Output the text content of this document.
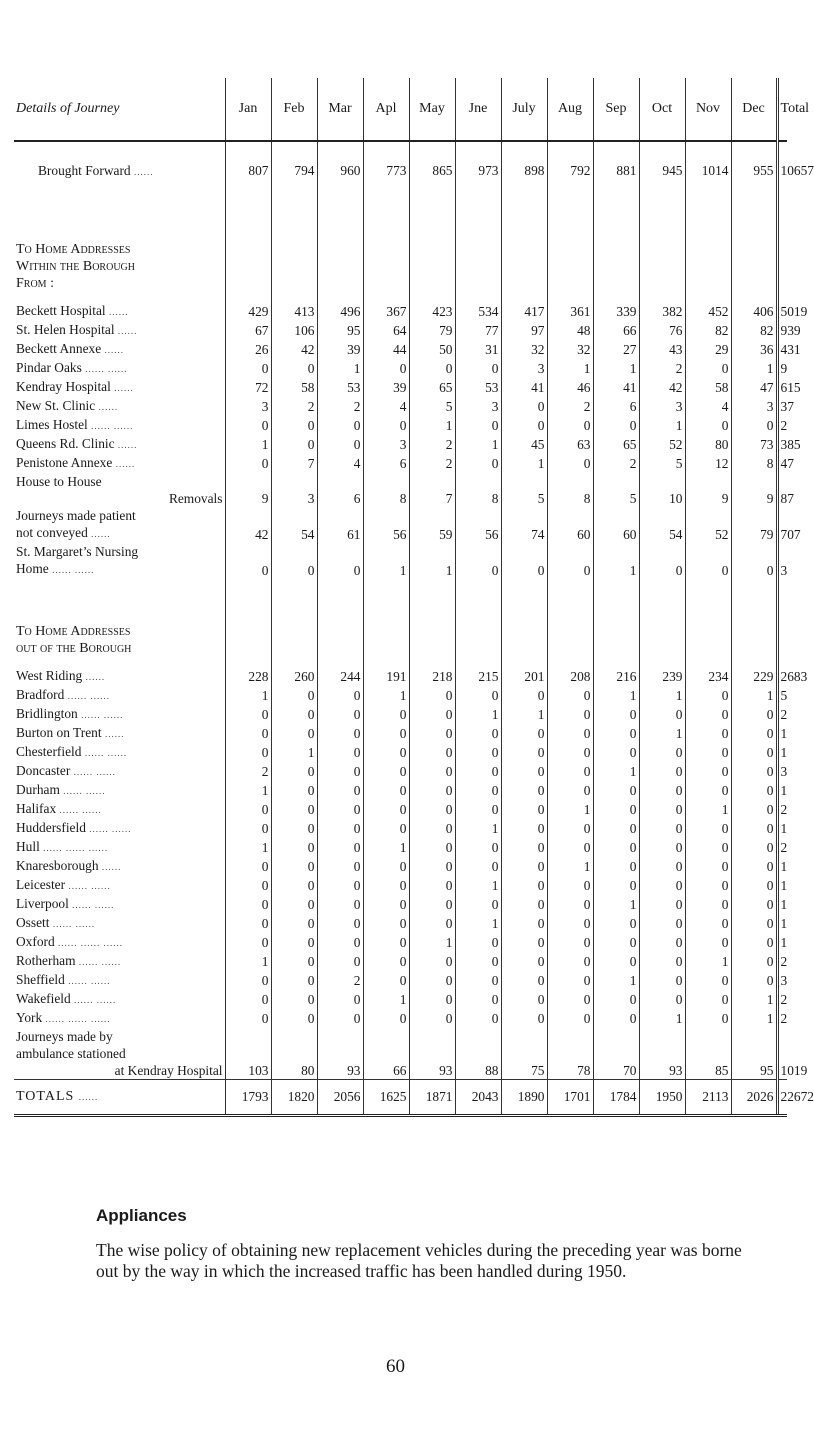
Details of Journey	Jan	Feb	Mar	Apl	May	Jne	July	Aug	Sep	Oct	Nov	Dec	Total
Brought Forward ......	807	794	960	773	865	973	898	792	881	945	1014	955	10657

To Home Addresses
Within the Borough
From :													

Beckett Hospital ......	429	413	496	367	423	534	417	361	339	382	452	406	5019
St. Helen Hospital ......	67	106	95	64	79	77	97	48	66	76	82	82	939
Beckett Annexe ......	26	42	39	44	50	31	32	32	27	43	29	36	431
Pindar Oaks ...... ......	0	0	1	0	0	0	3	1	1	2	0	1	9
Kendray Hospital ......	72	58	53	39	65	53	41	46	41	42	58	47	615
New St. Clinic ......	3	2	2	4	5	3	0	2	6	3	4	3	37
Limes Hostel ...... ......	0	0	0	0	1	0	0	0	0	1	0	0	2
Queens Rd. Clinic ......	1	0	0	3	2	1	45	63	65	52	80	73	385
Penistone Annexe ......	0	7	4	6	2	0	1	0	2	5	12	8	47

House to House
Removals	9	3	6	8	7	8	5	8	5	10	9	9	87

Journeys made patient
not conveyed ......	42	54	61	56	59	56	74	60	60	54	52	79	707

St. Margaret’s Nursing
Home ...... ......	0	0	0	1	1	0	0	0	1	0	0	0	3

To Home Addresses
out of the Borough													

West Riding ......	228	260	244	191	218	215	201	208	216	239	234	229	2683
Bradford ...... ......	1	0	0	1	0	0	0	0	1	1	0	1	5
Bridlington ...... ......	0	0	0	0	0	1	1	0	0	0	0	0	2
Burton on Trent ......	0	0	0	0	0	0	0	0	0	1	0	0	1
Chesterfield ...... ......	0	1	0	0	0	0	0	0	0	0	0	0	1
Doncaster ...... ......	2	0	0	0	0	0	0	0	1	0	0	0	3
Durham ...... ......	1	0	0	0	0	0	0	0	0	0	0	0	1
Halifax ...... ......	0	0	0	0	0	0	0	1	0	0	1	0	2
Huddersfield ...... ......	0	0	0	0	0	1	0	0	0	0	0	0	1
Hull ...... ...... ......	1	0	0	1	0	0	0	0	0	0	0	0	2
Knaresborough ......	0	0	0	0	0	0	0	1	0	0	0	0	1
Leicester ...... ......	0	0	0	0	0	1	0	0	0	0	0	0	1
Liverpool ...... ......	0	0	0	0	0	0	0	0	1	0	0	0	1
Ossett ...... ......	0	0	0	0	0	1	0	0	0	0	0	0	1
Oxford ...... ...... ......	0	0	0	0	1	0	0	0	0	0	0	0	1
Rotherham ...... ......	1	0	0	0	0	0	0	0	0	0	1	0	2
Sheffield ...... ......	0	0	2	0	0	0	0	0	1	0	0	0	3
Wakefield ...... ......	0	0	0	1	0	0	0	0	0	0	0	1	2
York ...... ...... ......	0	0	0	0	0	0	0	0	0	1	0	1	2

Journeys made by
ambulance stationed
at Kendray Hospital	103	80	93	66	93	88	75	78	70	93	85	95	1019
TOTALS ......	1793	1820	2056	1625	1871	2043	1890	1701	1784	1950	2113	2026	22672
Appliances

The wise policy of obtaining new replacement vehicles during the preceding year was borne out by the way in which the increased traffic has been handled during 1950.

60
